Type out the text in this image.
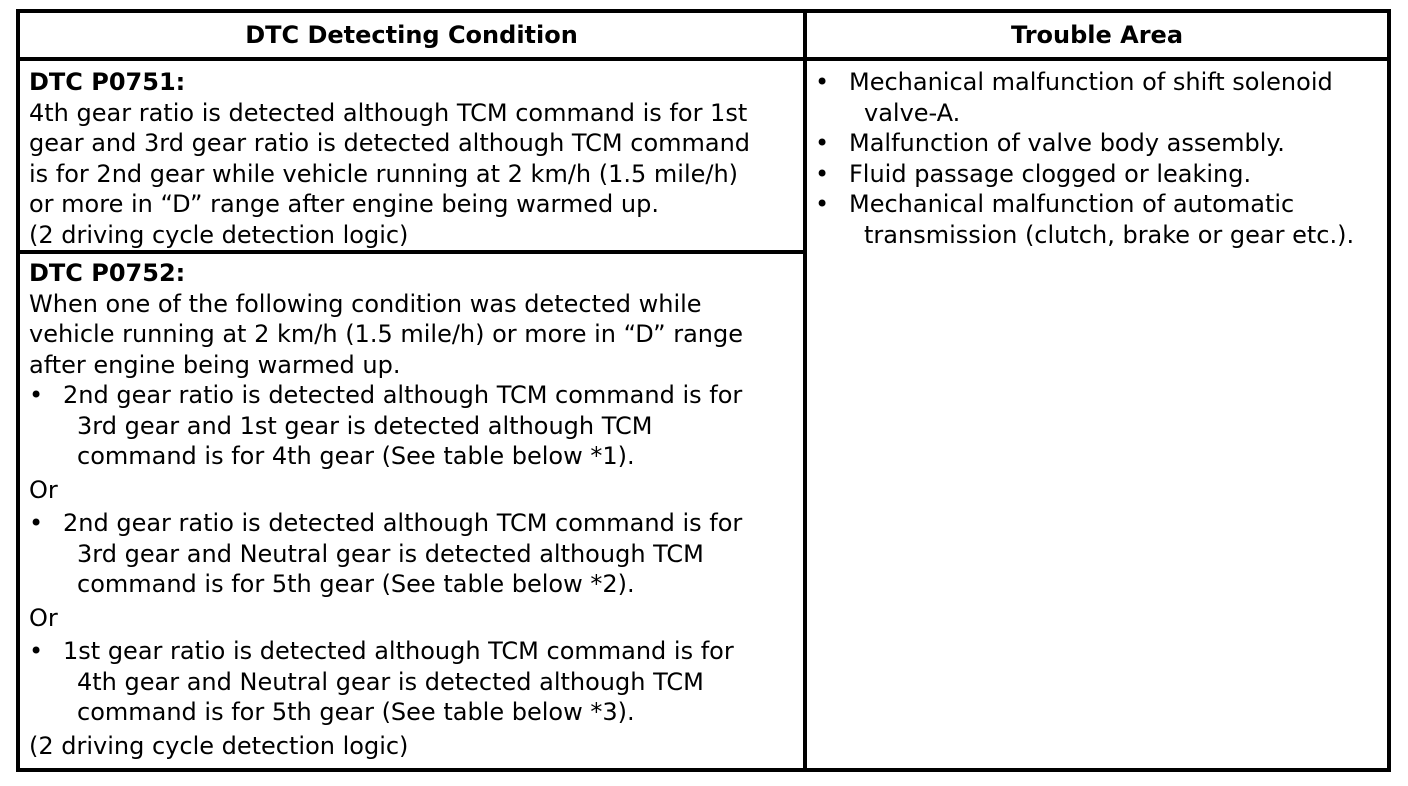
DTC Detecting Condition	Trouble Area
DTC P0751:
4th gear ratio is detected although TCM command is for 1st
gear and 3rd gear ratio is detected although TCM command
is for 2nd gear while vehicle running at 2 km/h (1.5 mile/h)
or more in “D” range after engine being warmed up.
(2 driving cycle detection logic)
DTC P0752:
When one of the following condition was detected while
vehicle running at 2 km/h (1.5 mile/h) or more in “D” range
after engine being warmed up.
• 2nd gear ratio is detected although TCM command is for
3rd gear and 1st gear is detected although TCM
command is for 4th gear (See table below *1).
Or
• 2nd gear ratio is detected although TCM command is for
3rd gear and Neutral gear is detected although TCM
command is for 5th gear (See table below *2).
Or
• 1st gear ratio is detected although TCM command is for
4th gear and Neutral gear is detected although TCM
command is for 5th gear (See table below *3).
(2 driving cycle detection logic)
• Mechanical malfunction of shift solenoid
valve-A.
• Malfunction of valve body assembly.
• Fluid passage clogged or leaking.
• Mechanical malfunction of automatic
transmission (clutch, brake or gear etc.).
